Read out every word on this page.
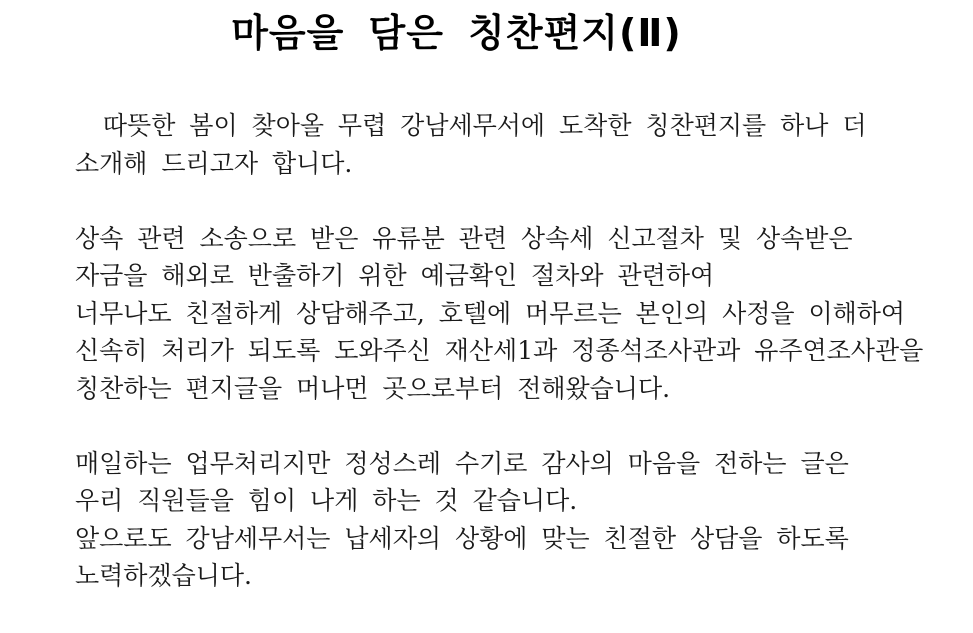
마음을 담은 칭찬편지(Ⅱ)
따뜻한 봄이 찾아올 무렵 강남세무서에 도착한 칭찬편지를 하나 더
소개해 드리고자 합니다.
상속 관련 소송으로 받은 유류분 관련 상속세 신고절차 및 상속받은
자금을 해외로 반출하기 위한 예금확인 절차와 관련하여
너무나도 친절하게 상담해주고, 호텔에 머무르는 본인의 사정을 이해하여
신속히 처리가 되도록 도와주신 재산세1과 정종석조사관과 유주연조사관을
칭찬하는 편지글을 머나먼 곳으로부터 전해왔습니다.
매일하는 업무처리지만 정성스레 수기로 감사의 마음을 전하는 글은
우리 직원들을 힘이 나게 하는 것 같습니다.
앞으로도 강남세무서는 납세자의 상황에 맞는 친절한 상담을 하도록
노력하겠습니다.
